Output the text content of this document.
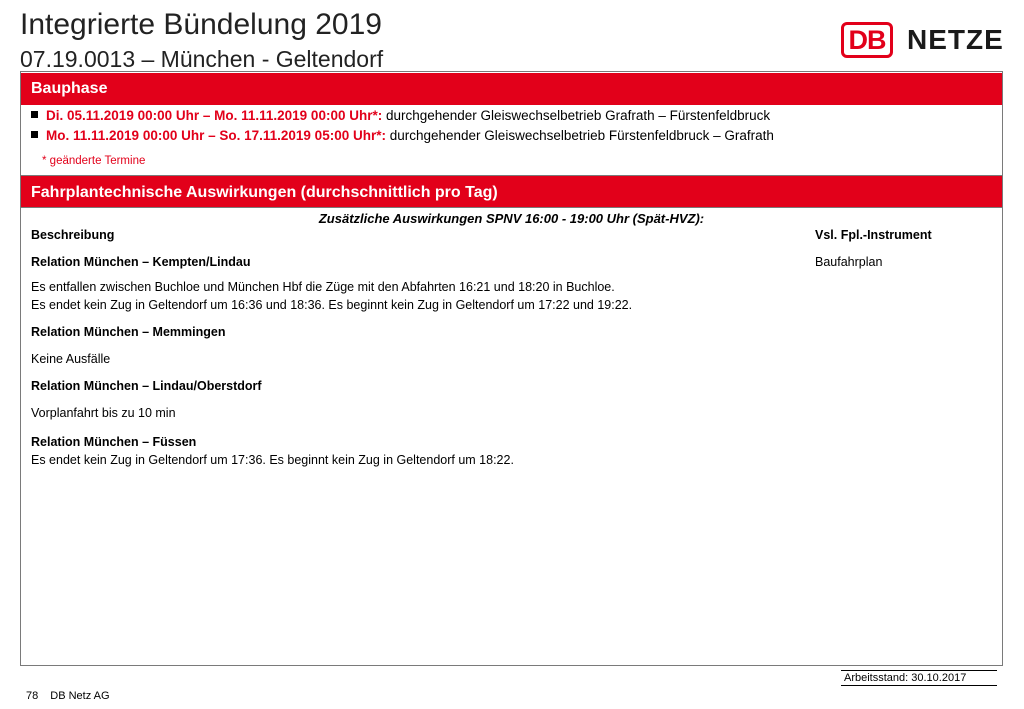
Integrierte Bündelung 2019
07.19.0013 – München - Geltendorf
DB NETZE
Bauphase
Di. 05.11.2019 00:00 Uhr – Mo. 11.11.2019 00:00 Uhr*: durchgehender Gleiswechselbetrieb Grafrath – Fürstenfeldbruck
Mo. 11.11.2019 00:00 Uhr – So. 17.11.2019 05:00 Uhr*: durchgehender Gleiswechselbetrieb Fürstenfeldbruck – Grafrath
* geänderte Termine
Fahrplantechnische Auswirkungen (durchschnittlich pro Tag)
Zusätzliche Auswirkungen SPNV 16:00 - 19:00 Uhr (Spät-HVZ):
Beschreibung	Vsl. Fpl.-Instrument
Relation München – Kempten/Lindau	Baufahrplan
Es entfallen zwischen Buchloe und München Hbf die Züge mit den Abfahrten 16:21 und 18:20 in Buchloe.
Es endet kein Zug in Geltendorf um 16:36 und 18:36. Es beginnt kein Zug in Geltendorf um 17:22 und 19:22.
Relation München – Memmingen
Keine Ausfälle
Relation München – Lindau/Oberstdorf
Vorplanfahrt bis zu 10 min
Relation München – Füssen
Es endet kein Zug in Geltendorf um 17:36. Es beginnt kein Zug in Geltendorf um 18:22.
Arbeitsstand: 30.10.2017
78 DB Netz AG
